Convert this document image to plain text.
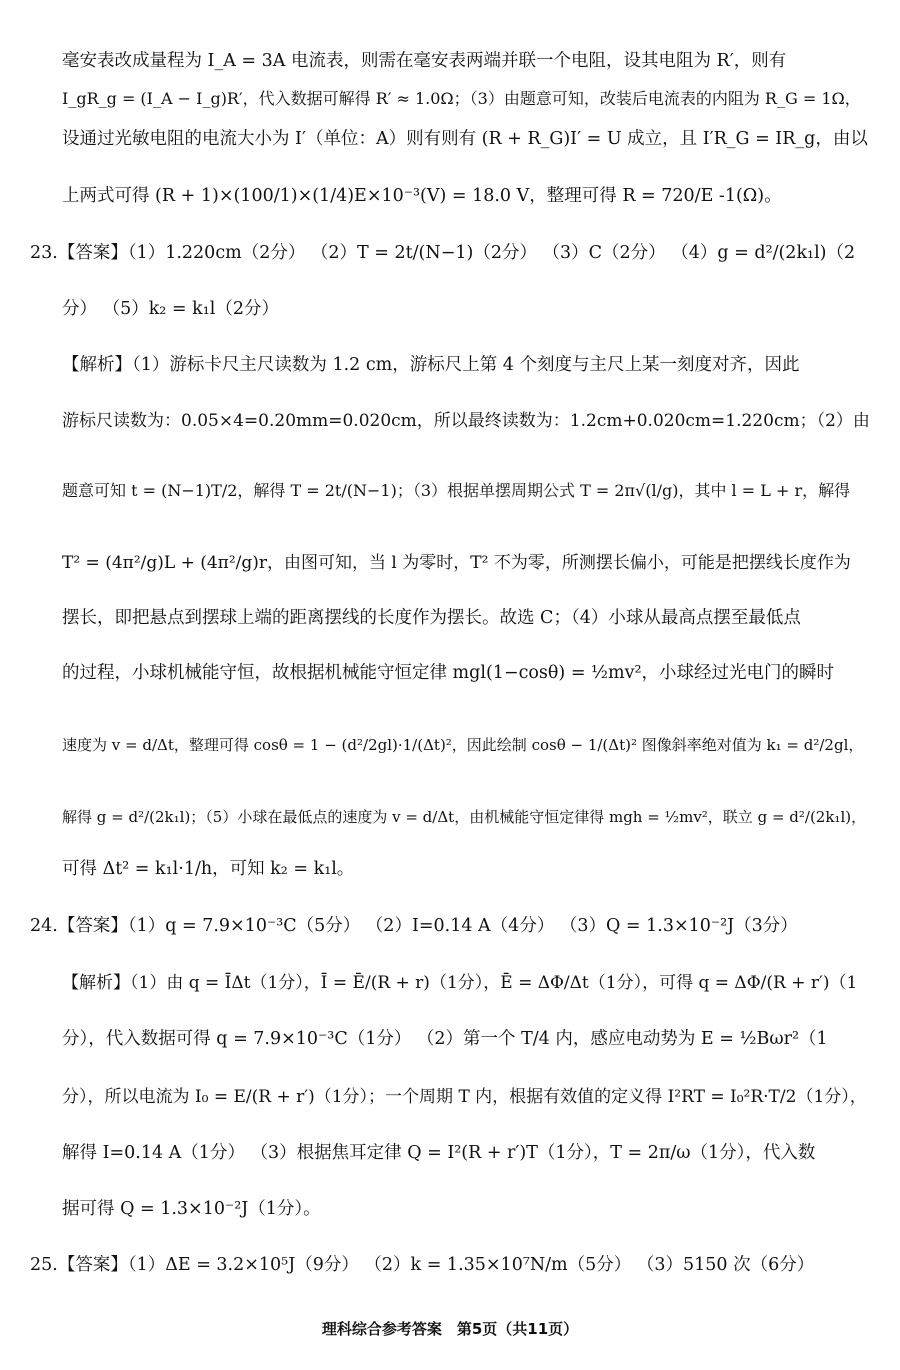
毫安表改成量程为 I_A = 3A 电流表，则需在毫安表两端并联一个电阻，设其电阻为 R′，则有
I_gR_g = (I_A − I_g)R′，代入数据可解得 R′ ≈ 1.0Ω；（3）由题意可知，改装后电流表的内阻为 R_G = 1Ω，
设通过光敏电阻的电流大小为 I′（单位：A）则有则有 (R + R_G)I′ = U 成立，且 I′R_G = IR_g，由以
上两式可得 (R + 1)×(100/1)×(1/4)E×10⁻³(V) = 18.0 V，整理可得 R = 720/E -1(Ω)。
23.【答案】（1）1.220cm（2分） （2）T = 2t/(N−1)（2分） （3）C（2分） （4）g = d²/(2k₁l)（2
分） （5）k₂ = k₁l（2分）
【解析】（1）游标卡尺主尺读数为 1.2 cm，游标尺上第 4 个刻度与主尺上某一刻度对齐，因此
游标尺读数为：0.05×4=0.20mm=0.020cm，所以最终读数为：1.2cm+0.020cm=1.220cm；（2）由
题意可知 t = (N−1)T/2，解得 T = 2t/(N−1)；（3）根据单摆周期公式 T = 2π√(l/g)，其中 l = L + r，解得
T² = (4π²/g)L + (4π²/g)r，由图可知，当 l 为零时，T² 不为零，所测摆长偏小，可能是把摆线长度作为
摆长，即把悬点到摆球上端的距离摆线的长度作为摆长。故选 C；（4）小球从最高点摆至最低点
的过程，小球机械能守恒，故根据机械能守恒定律 mgl(1−cosθ) = ½mv²，小球经过光电门的瞬时
速度为 v = d/Δt，整理可得 cosθ = 1 − (d²/2gl)·1/(Δt)²，因此绘制 cosθ − 1/(Δt)² 图像斜率绝对值为 k₁ = d²/2gl，
解得 g = d²/(2k₁l)；（5）小球在最低点的速度为 v = d/Δt，由机械能守恒定律得 mgh = ½mv²，联立 g = d²/(2k₁l)，
可得 Δt² = k₁l·1/h，可知 k₂ = k₁l。
24.【答案】（1）q = 7.9×10⁻³C（5分） （2）I=0.14 A（4分） （3）Q = 1.3×10⁻²J（3分）
【解析】（1）由 q = ĪΔt（1分），Ī = Ē/(R + r)（1分），Ē = ΔΦ/Δt（1分），可得 q = ΔΦ/(R + r′)（1
分），代入数据可得 q = 7.9×10⁻³C（1分） （2）第一个 T/4 内，感应电动势为 E = ½Bωr²（1
分），所以电流为 I₀ = E/(R + r′)（1分）；一个周期 T 内，根据有效值的定义得 I²RT = I₀²R·T/2（1分），
解得 I=0.14 A（1分） （3）根据焦耳定律 Q = I²(R + r′)T（1分），T = 2π/ω（1分），代入数
据可得 Q = 1.3×10⁻²J（1分）。
25.【答案】（1）ΔE = 3.2×10⁵J（9分） （2）k = 1.35×10⁷N/m（5分） （3）5150 次（6分）
理科综合参考答案　第5页（共11页）
